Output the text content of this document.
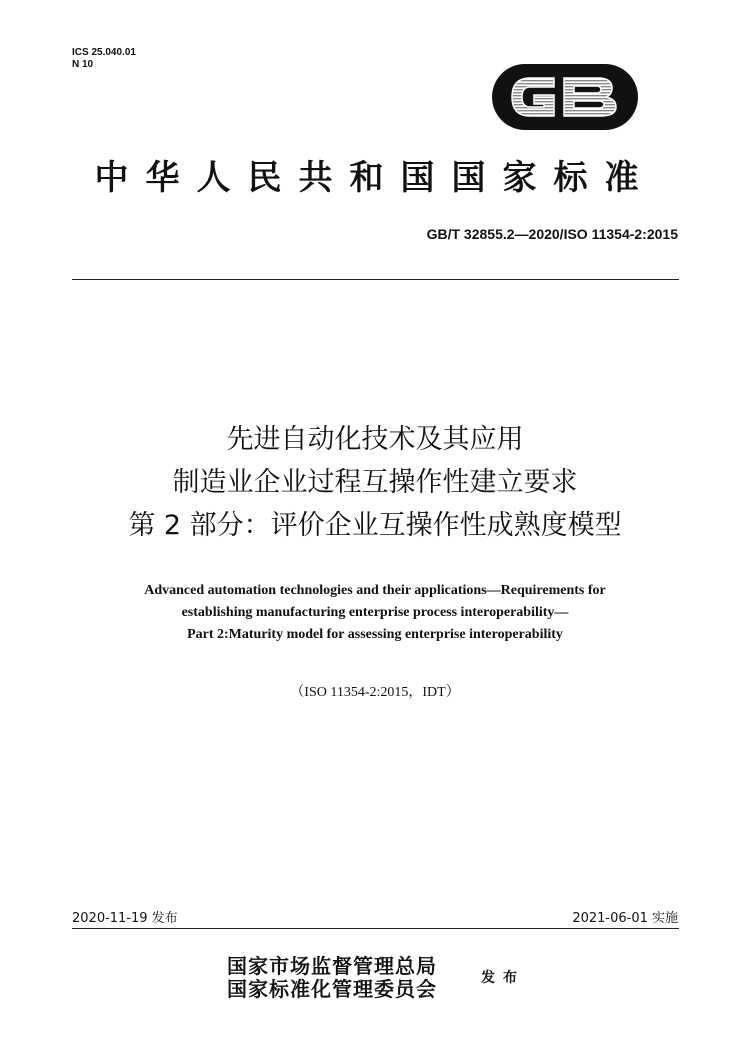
ICS 25.040.01
N 10
中华人民共和国国家标准
GB/T 32855.2—2020/ISO 11354-2:2015
先进自动化技术及其应用
制造业企业过程互操作性建立要求
第 2 部分：评价企业互操作性成熟度模型
Advanced automation technologies and their applications—Requirements for
establishing manufacturing enterprise process interoperability—
Part 2:Maturity model for assessing enterprise interoperability
（ISO 11354-2:2015，IDT）
2020-11-19 发布	2021-06-01 实施
国家市场监督管理总局
国家标准化管理委员会	发布
